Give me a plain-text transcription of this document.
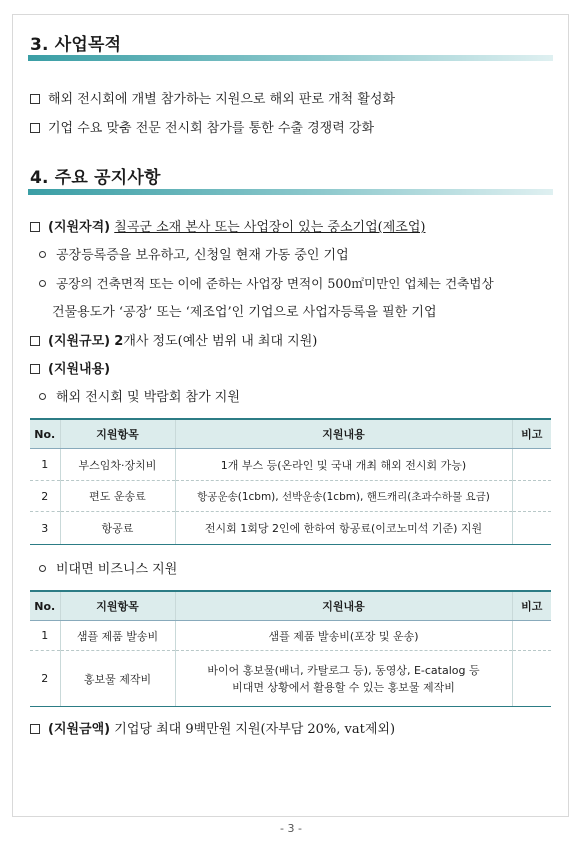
3. 사업목적
해외 전시회에 개별 참가하는 지원으로 해외 판로 개척 활성화
기업 수요 맞춤 전문 전시회 참가를 통한 수출 경쟁력 강화
4. 주요 공지사항
(지원자격) 칠곡군 소재 본사 또는 사업장이 있는 중소기업(제조업)
공장등록증을 보유하고, 신청일 현재 가동 중인 기업
공장의 건축면적 또는 이에 준하는 사업장 면적이 500㎡미만인 업체는 건축법상
건물용도가 ‘공장’ 또는 ‘제조업’인 기업으로 사업자등록을 필한 기업
(지원규모) 2개사 정도(예산 범위 내 최대 지원)
(지원내용)
해외 전시회 및 박람회 참가 지원
No.	지원항목	지원내용	비고
1	부스임차·장치비	1개 부스 등(온라인 및 국내 개최 해외 전시회 가능)	
2	편도 운송료	항공운송(1cbm), 선박운송(1cbm), 핸드캐리(초과수하물 요금)	
3	항공료	전시회 1회당 2인에 한하여 항공료(이코노미석 기준) 지원	
비대면 비즈니스 지원
No.	지원항목	지원내용	비고
1	샘플 제품 발송비	샘플 제품 발송비(포장 및 운송)	
2	홍보물 제작비	바이어 홍보물(배너, 카탈로그 등), 동영상, E-catalog 등
비대면 상황에서 활용할 수 있는 홍보물 제작비	

(지원금액) 기업당 최대 9백만원 지원(자부담 20%, vat제외)
- 3 -
